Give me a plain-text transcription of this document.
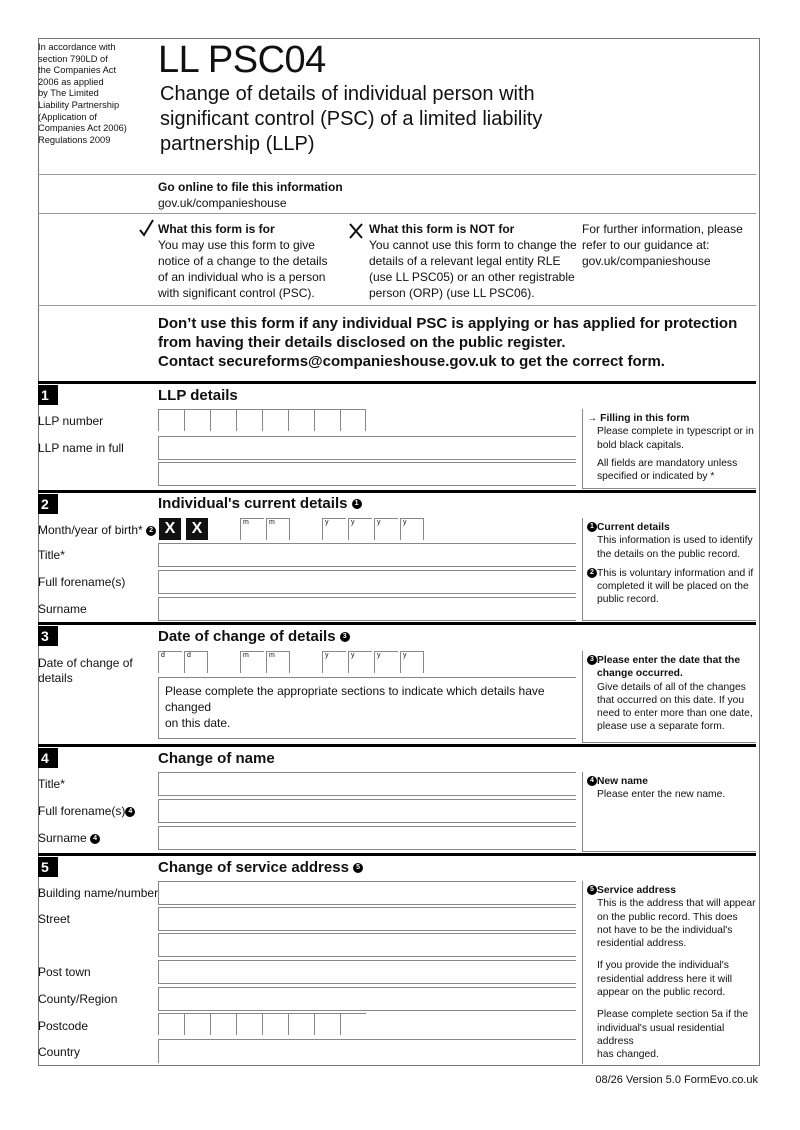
In accordance with
section 790LD of
the Companies Act
2006 as applied
by The Limited
Liability Partnership
(Application of
Companies Act 2006)
Regulations 2009
LL PSC04
Change of details of individual person with
significant control (PSC) of a limited liability
partnership (LLP)
Go online to file this information
gov.uk/companieshouse
What this form is for
You may use this form to give
notice of a change to the details
of an individual who is a person
with significant control (PSC).
What this form is NOT for
You cannot use this form to change the
details of a relevant legal entity RLE
(use LL PSC05) or an other registrable
person (ORP) (use LL PSC06).
For further information, please
refer to our guidance at:
gov.uk/companieshouse
Don’t use this form if any individual PSC is applying or has applied for protection
from having their details disclosed on the public register.
Contact secureforms@companieshouse.gov.uk to get the correct form.
1	LLP details
LLP number
LLP name in full
→ Filling in this form
Please complete in typescript or in
bold black capitals.
All fields are mandatory unless
specified or indicated by *
2	Individual's current details 1
Month/year of birth* 2 X	X	m	m	y	y	y	y
Title*
Full forename(s)
Surname
1 Current details
This information is used to identify
the details on the public record.
2 This is voluntary information and if
completed it will be placed on the
public record.
3	Date of change of details 3
Date of change of
details
d	d	m	m	y	y	y	y
Please complete the appropriate sections to indicate which details have changed
on this date.
3 Please enter the date that the
change occurred.
Give details of all of the changes
that occurred on this date. If you
need to enter more than one date,
please use a separate form.
4	Change of name
Title*
Full forename(s) 4
Surname 4
4 New name
Please enter the new name.
5	Change of service address 5
Building name/number
Street
Post town
County/Region
Postcode
Country
5 Service address
This is the address that will appear
on the public record. This does
not have to be the individual's
residential address.
If you provide the individual's
residential address here it will
appear on the public record.
Please complete section 5a if the
individual's usual residential address
has changed.
08/26 Version 5.0 FormEvo.co.uk
